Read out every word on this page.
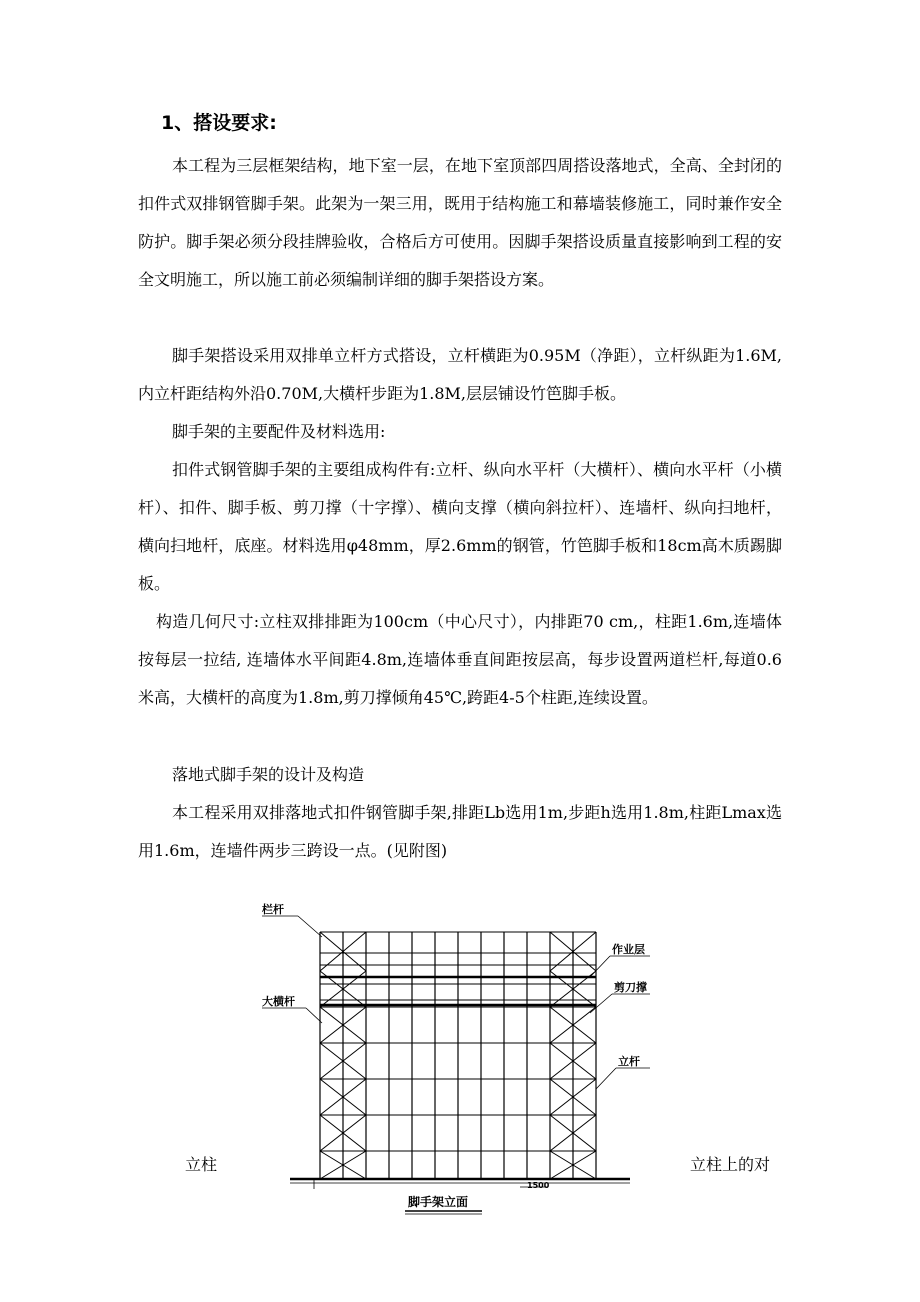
1、搭设要求:

本工程为三层框架结构，地下室一层，在地下室顶部四周搭设落地式，全高、全封闭的扣件式双排钢管脚手架。此架为一架三用，既用于结构施工和幕墙装修施工，同时兼作安全防护。脚手架必须分段挂牌验收，合格后方可使用。因脚手架搭设质量直接影响到工程的安全文明施工，所以施工前必须编制详细的脚手架搭设方案。

脚手架搭设采用双排单立杆方式搭设，立杆横距为0.95M（净距），立杆纵距为1.6M,内立杆距结构外沿0.70M,大横杆步距为1.8M,层层铺设竹笆脚手板。

脚手架的主要配件及材料选用:

扣件式钢管脚手架的主要组成构件有:立杆、纵向水平杆（大横杆）、横向水平杆（小横杆）、扣件、脚手板、剪刀撑（十字撑）、横向支撑（横向斜拉杆）、连墙杆、纵向扫地杆，横向扫地杆，底座。材料选用φ48mm，厚2.6mm的钢管，竹笆脚手板和18cm高木质踢脚板。

构造几何尺寸:立柱双排排距为100cm（中心尺寸），内排距70 cm,，柱距1.6m,连墙体按每层一拉结, 连墙体水平间距4.8m,连墙体垂直间距按层高，每步设置两道栏杆,每道0.6米高，大横杆的高度为1.8m,剪刀撑倾角45℃,跨距4-5个柱距,连续设置。

落地式脚手架的设计及构造

本工程采用双排落地式扣件钢管脚手架,排距Lb选用1m,步距h选用1.8m,柱距Lmax选用1.6m，连墙件两步三跨设一点。(见附图)

立柱	立柱上的对
栏杆
大横杆
作业层
剪刀撑
立杆
1500
脚手架立面
